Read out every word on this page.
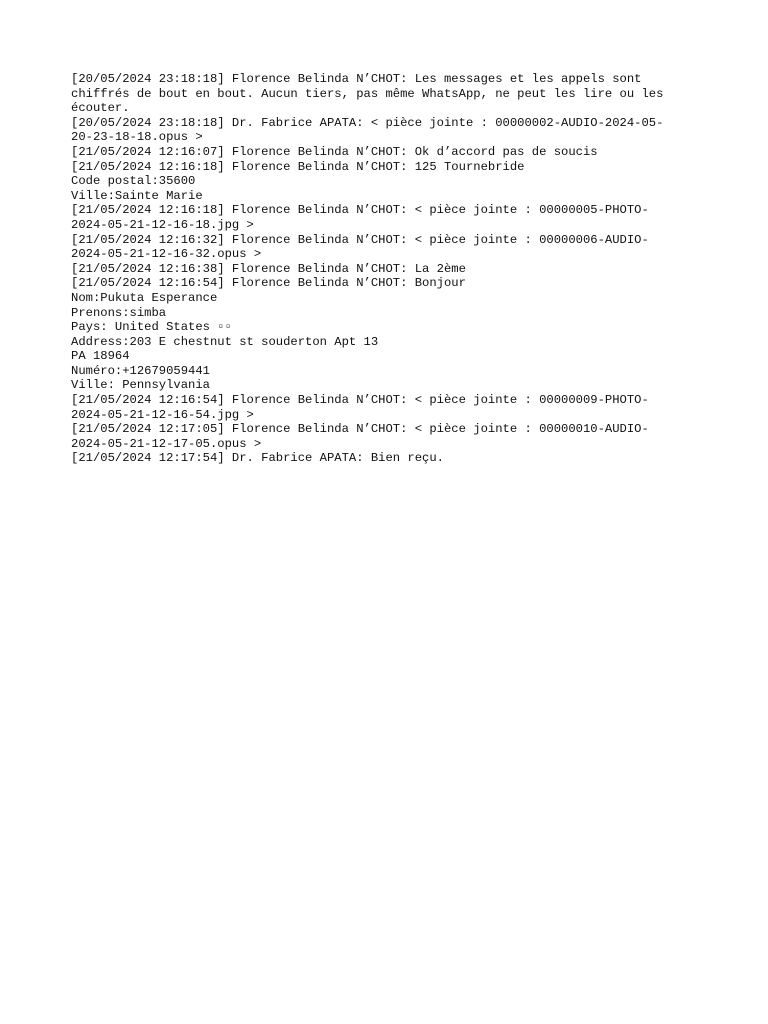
[20/05/2024 23:18:18] Florence Belinda N’CHOT: Les messages et les appels sont
chiffrés de bout en bout. Aucun tiers, pas même WhatsApp, ne peut les lire ou les
écouter.
[20/05/2024 23:18:18] Dr. Fabrice APATA: < pièce jointe : 00000002-AUDIO-2024-05-
20-23-18-18.opus >
[21/05/2024 12:16:07] Florence Belinda N’CHOT: Ok d’accord pas de soucis
[21/05/2024 12:16:18] Florence Belinda N’CHOT: 125 Tournebride
Code postal:35600
Ville:Sainte Marie
[21/05/2024 12:16:18] Florence Belinda N’CHOT: < pièce jointe : 00000005-PHOTO-
2024-05-21-12-16-18.jpg >
[21/05/2024 12:16:32] Florence Belinda N’CHOT: < pièce jointe : 00000006-AUDIO-
2024-05-21-12-16-32.opus >
[21/05/2024 12:16:38] Florence Belinda N’CHOT: La 2ème
[21/05/2024 12:16:54] Florence Belinda N’CHOT: Bonjour
Nom:Pukuta Esperance
Prenons:simba
Pays: United States ▫▫
Address:203 E chestnut st souderton Apt 13
PA 18964
Numéro:+12679059441
Ville: Pennsylvania
[21/05/2024 12:16:54] Florence Belinda N’CHOT: < pièce jointe : 00000009-PHOTO-
2024-05-21-12-16-54.jpg >
[21/05/2024 12:17:05] Florence Belinda N’CHOT: < pièce jointe : 00000010-AUDIO-
2024-05-21-12-17-05.opus >
[21/05/2024 12:17:54] Dr. Fabrice APATA: Bien reçu.
